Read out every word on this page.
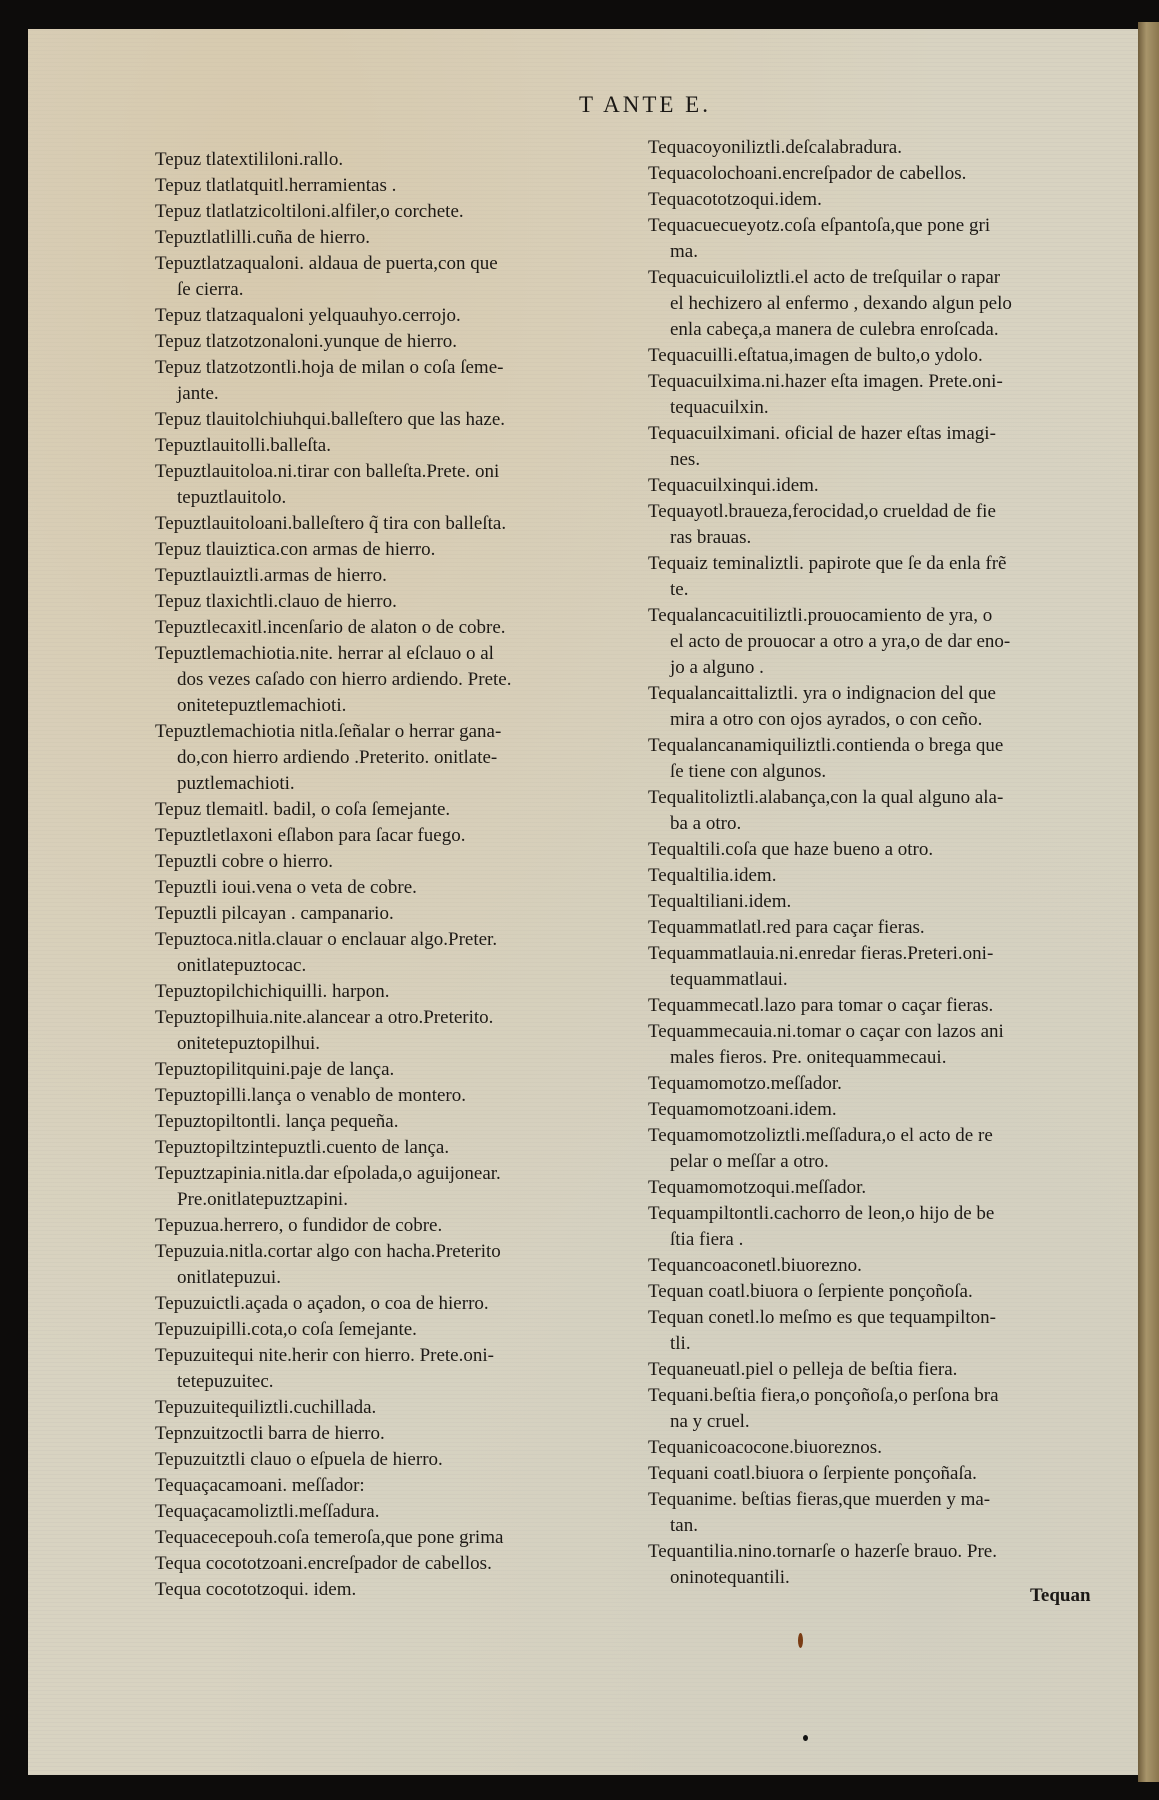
T ANTE E.
Tepuz tlatextililoni.rallo.
Tepuz tlatlatquitl.herramientas .
Tepuz tlatlatzicoltiloni.alfiler,o corchete.
Tepuztlatlilli.cuña de hierro.
Tepuztlatzaqualoni. aldaua de puerta,con que
ſe cierra.
Tepuz tlatzaqualoni yelquauhyo.cerrojo.
Tepuz tlatzotzonaloni.yunque de hierro.
Tepuz tlatzotzontli.hoja de milan o coſa ſeme-
jante.
Tepuz tlauitolchiuhqui.balleſtero que las haze.
Tepuztlauitolli.balleſta.
Tepuztlauitoloa.ni.tirar con balleſta.Prete. oni
tepuztlauitolo.
Tepuztlauitoloani.balleſtero q̃ tira con balleſta.
Tepuz tlauiztica.con armas de hierro.
Tepuztlauiztli.armas de hierro.
Tepuz tlaxichtli.clauo de hierro.
Tepuztlecaxitl.incenſario de alaton o de cobre.
Tepuztlemachiotia.nite. herrar al eſclauo o al
dos vezes caſado con hierro ardiendo. Prete.
onitetepuztlemachioti.
Tepuztlemachiotia nitla.ſeñalar o herrar gana-
do,con hierro ardiendo .Preterito. onitlate-
puztlemachioti.
Tepuz tlemaitl. badil, o coſa ſemejante.
Tepuztletlaxoni eſlabon para ſacar fuego.
Tepuztli cobre o hierro.
Tepuztli ioui.vena o veta de cobre.
Tepuztli pilcayan . campanario.
Tepuztoca.nitla.clauar o enclauar algo.Preter.
onitlatepuztocac.
Tepuztopilchichiquilli. harpon.
Tepuztopilhuia.nite.alancear a otro.Preterito.
onitetepuztopilhui.
Tepuztopilitquini.paje de lança.
Tepuztopilli.lança o venablo de montero.
Tepuztopiltontli. lança pequeña.
Tepuztopiltzintepuztli.cuento de lança.
Tepuztzapinia.nitla.dar eſpolada,o aguijonear.
Pre.onitlatepuztzapini.
Tepuzua.herrero, o fundidor de cobre.
Tepuzuia.nitla.cortar algo con hacha.Preterito
onitlatepuzui.
Tepuzuictli.açada o açadon, o coa de hierro.
Tepuzuipilli.cota,o coſa ſemejante.
Tepuzuitequi nite.herir con hierro. Prete.oni-
tetepuzuitec.
Tepuzuitequiliztli.cuchillada.
Tepnzuitzoctli barra de hierro.
Tepuzuitztli clauo o eſpuela de hierro.
Tequaçacamoani. meſſador:
Tequaçacamoliztli.meſſadura.
Tequacecepouh.coſa temeroſa,que pone grima
Tequa cocototzoani.encreſpador de cabellos.
Tequa cocototzoqui. idem.
Tequacoyoniliztli.deſcalabradura.
Tequacolochoani.encreſpador de cabellos.
Tequacototzoqui.idem.
Tequacuecueyotz.coſa eſpantoſa,que pone gri
ma.
Tequacuicuiloliztli.el acto de treſquilar o rapar
el hechizero al enfermo , dexando algun pelo
enla cabeça,a manera de culebra enroſcada.
Tequacuilli.eſtatua,imagen de bulto,o ydolo.
Tequacuilxima.ni.hazer eſta imagen. Prete.oni-
tequacuilxin.
Tequacuilximani. oficial de hazer eſtas imagi-
nes.
Tequacuilxinqui.idem.
Tequayotl.braueza,ferocidad,o crueldad de fie
ras brauas.
Tequaiz teminaliztli. papirote que ſe da enla frẽ
te.
Tequalancacuitiliztli.prouocamiento de yra, o
el acto de prouocar a otro a yra,o de dar eno-
jo a alguno .
Tequalancaittaliztli. yra o indignacion del que
mira a otro con ojos ayrados, o con ceño.
Tequalancanamiquiliztli.contienda o brega que
ſe tiene con algunos.
Tequalitoliztli.alabança,con la qual alguno ala-
ba a otro.
Tequaltili.coſa que haze bueno a otro.
Tequaltilia.idem.
Tequaltiliani.idem.
Tequammatlatl.red para caçar fieras.
Tequammatlauia.ni.enredar fieras.Preteri.oni-
tequammatlaui.
Tequammecatl.lazo para tomar o caçar fieras.
Tequammecauia.ni.tomar o caçar con lazos ani
males fieros. Pre. onitequammecaui.
Tequamomotzo.meſſador.
Tequamomotzoani.idem.
Tequamomotzoliztli.meſſadura,o el acto de re
pelar o meſſar a otro.
Tequamomotzoqui.meſſador.
Tequampiltontli.cachorro de leon,o hijo de be
ſtia fiera .
Tequancoaconetl.biuorezno.
Tequan coatl.biuora o ſerpiente ponçoñoſa.
Tequan conetl.lo meſmo es que tequampilton-
tli.
Tequaneuatl.piel o pelleja de beſtia fiera.
Tequani.beſtia fiera,o ponçoñoſa,o perſona bra
na y cruel.
Tequanicoacocone.biuoreznos.
Tequani coatl.biuora o ſerpiente ponçoñaſa.
Tequanime. beſtias fieras,que muerden y ma-
tan.
Tequantilia.nino.tornarſe o hazerſe brauo. Pre.
oninotequantili.
Tequan
